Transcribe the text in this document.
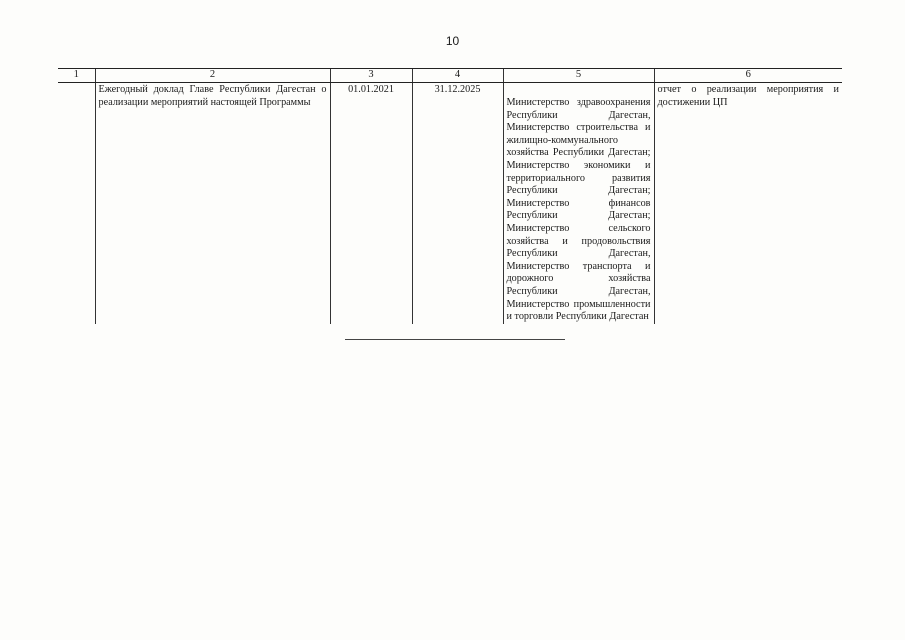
10
1	2	3	4	5	6
	Ежегодный доклад Главе Республики Дагестан о реализации мероприятий настоящей Программы	01.01.2021	31.12.2025	Министерство здравоохранения Республики Дагестан, Министерство строительства и жилищно-коммунального хозяйства Республики Дагестан; Министерство экономики и территориального развития Республики Дагестан; Министерство финансов Республики Дагестан; Министерство сельского хозяйства и продовольствия Республики Дагестан, Министерство транспорта и дорожного хозяйства Республики Дагестан, Министерство промышленности и торговли Республики Дагестан	отчет о реализации мероприятия и достижении ЦП
